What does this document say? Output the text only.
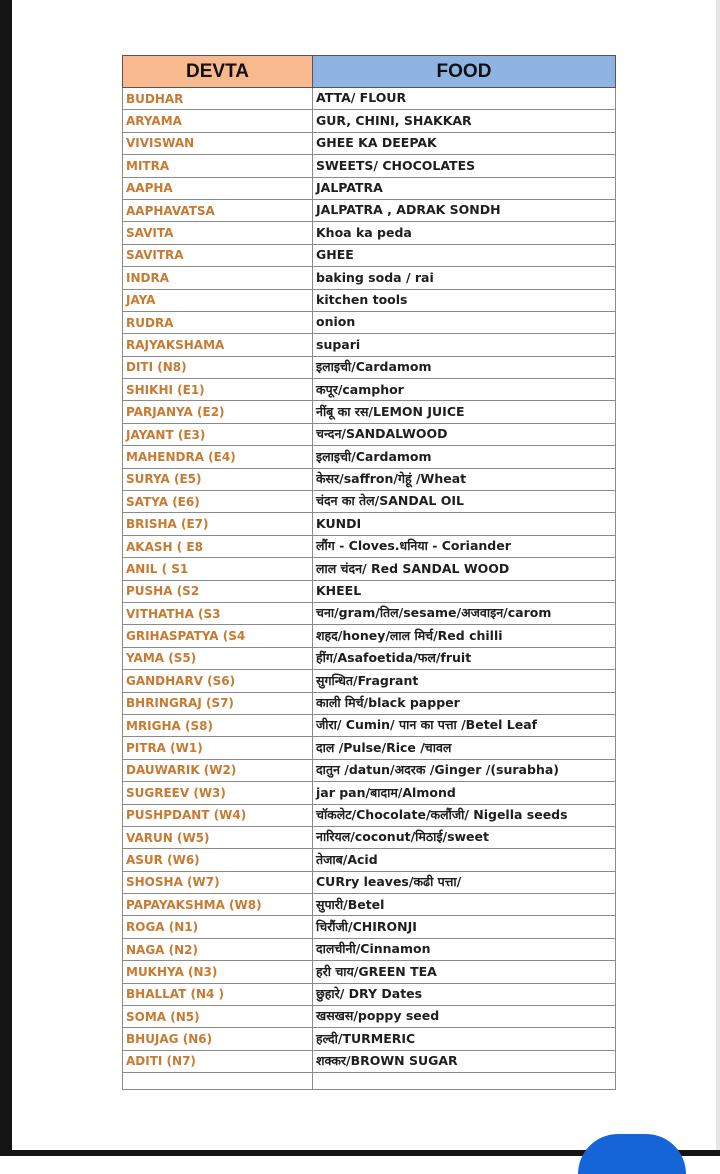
DEVTA	FOOD
BUDHAR	ATTA/ FLOUR
ARYAMA	GUR, CHINI, SHAKKAR
VIVISWAN	GHEE KA DEEPAK
MITRA	SWEETS/ CHOCOLATES
AAPHA	JALPATRA
AAPHAVATSA	JALPATRA , ADRAK SONDH
SAVITA	Khoa ka peda
SAVITRA	GHEE
INDRA	baking soda / rai
JAYA	kitchen tools
RUDRA	onion
RAJYAKSHAMA	supari
DITI (N8)	इलाइची/Cardamom
SHIKHI (E1)	कपूर/camphor
PARJANYA (E2)	नींबू का रस/LEMON JUICE
JAYANT (E3)	चन्दन/SANDALWOOD
MAHENDRA (E4)	इलाइची/Cardamom
SURYA (E5)	केसर/saffron/गेहूं /Wheat
SATYA (E6)	चंदन का तेल/SANDAL OIL
BRISHA (E7)	KUNDI
AKASH ( E8	लौंग - Cloves.धनिया - Coriander
ANIL ( S1	लाल चंदन/ Red SANDAL WOOD
PUSHA (S2	KHEEL
VITHATHA (S3	चना/gram/तिल/sesame/अजवाइन/carom
GRIHASPATYA (S4	शहद/honey/लाल मिर्च/Red chilli
YAMA (S5)	हींग/Asafoetida/फल/fruit
GANDHARV (S6)	सुगन्धित/Fragrant
BHRINGRAJ (S7)	काली मिर्च/black papper
MRIGHA (S8)	जीरा/ Cumin/ पान का पत्ता /Betel Leaf
PITRA (W1)	दाल /Pulse/Rice /चावल
DAUWARIK (W2)	दातुन /datun/अदरक /Ginger /(surabha)
SUGREEV (W3)	jar pan/बादाम/Almond
PUSHPDANT (W4)	चॉकलेट/Chocolate/कलौंजी/ Nigella seeds
VARUN (W5)	नारियल/coconut/मिठाई/sweet
ASUR (W6)	तेजाब/Acid
SHOSHA (W7)	CURry leaves/कढी पत्ता/
PAPAYAKSHMA (W8)	सुपारी/Betel
ROGA (N1)	चिरौंजी/CHIRONJI
NAGA (N2)	दालचीनी/Cinnamon
MUKHYA (N3)	हरी चाय/GREEN TEA
BHALLAT (N4 )	छुहारे/ DRY Dates
SOMA (N5)	खसखस/poppy seed
BHUJAG (N6)	हल्दी/TURMERIC
ADITI (N7)	शक्कर/BROWN SUGAR
